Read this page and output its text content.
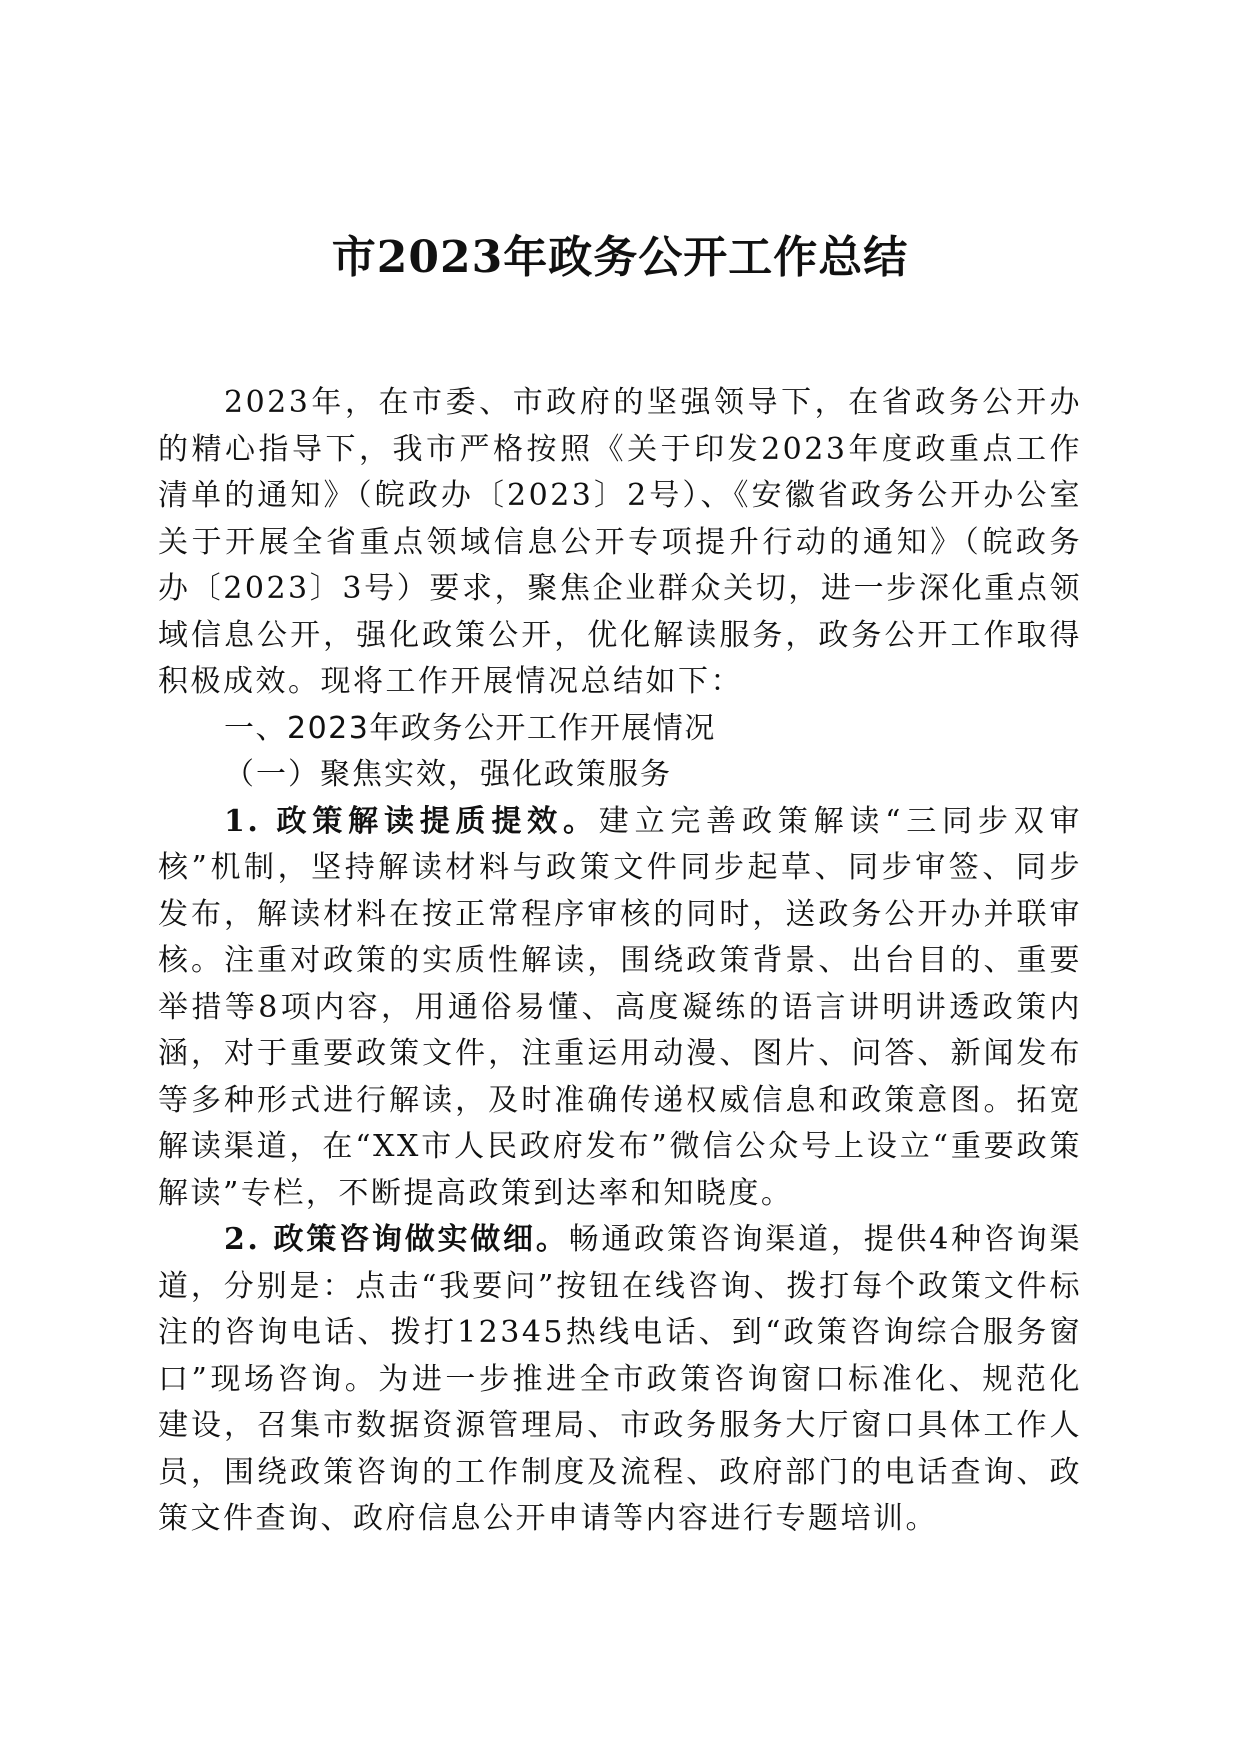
市2023年政务公开工作总结

2023年，在市委、市政府的坚强领导下，在省政务公开办的精心指导下，我市严格按照《关于印发2023年度政重点工作清单的通知》（皖政办〔2023〕2号）、《安徽省政务公开办公室关于开展全省重点领域信息公开专项提升行动的通知》（皖政务办〔2023〕3号）要求，聚焦企业群众关切，进一步深化重点领域信息公开，强化政策公开，优化解读服务，政务公开工作取得积极成效。现将工作开展情况总结如下：

一、2023年政务公开工作开展情况

（一）聚焦实效，强化政策服务

1. 政策解读提质提效。建立完善政策解读“三同步双审核”机制，坚持解读材料与政策文件同步起草、同步审签、同步发布，解读材料在按正常程序审核的同时，送政务公开办并联审核。注重对政策的实质性解读，围绕政策背景、出台目的、重要举措等8项内容，用通俗易懂、高度凝练的语言讲明讲透政策内涵，对于重要政策文件，注重运用动漫、图片、问答、新闻发布等多种形式进行解读，及时准确传递权威信息和政策意图。拓宽解读渠道，在“XX市人民政府发布”微信公众号上设立“重要政策解读”专栏，不断提高政策到达率和知晓度。

2. 政策咨询做实做细。畅通政策咨询渠道，提供4种咨询渠道，分别是：点击“我要问”按钮在线咨询、拨打每个政策文件标注的咨询电话、拨打12345热线电话、到“政策咨询综合服务窗口”现场咨询。为进一步推进全市政策咨询窗口标准化、规范化建设，召集市数据资源管理局、市政务服务大厅窗口具体工作人员，围绕政策咨询的工作制度及流程、政府部门的电话查询、政策文件查询、政府信息公开申请等内容进行专题培训。
